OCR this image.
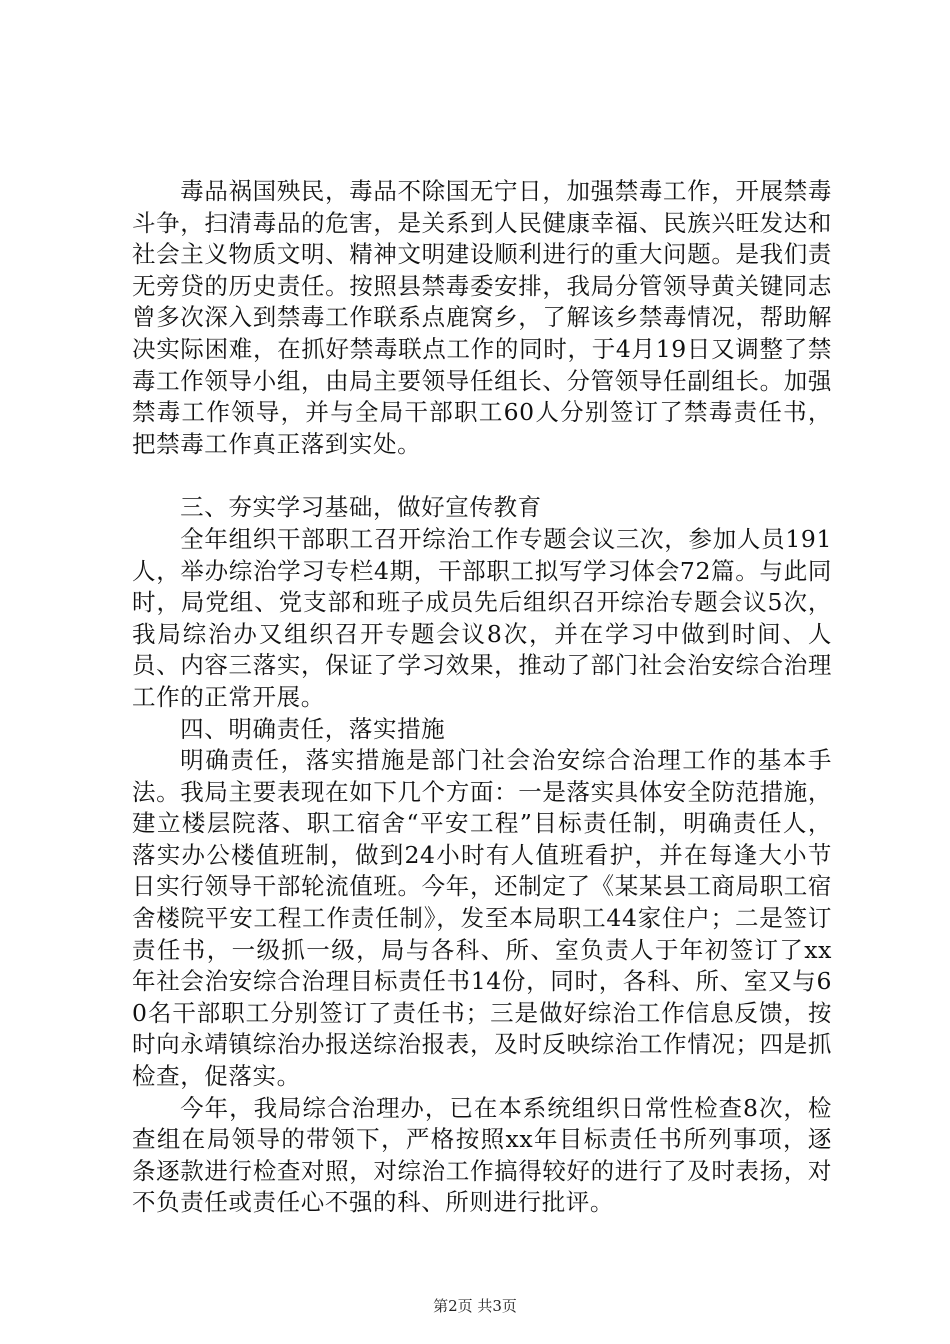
毒品祸国殃民，毒品不除国无宁日，加强禁毒工作，开展禁毒斗争，扫清毒品的危害，是关系到人民健康幸福、民族兴旺发达和社会主义物质文明、精神文明建设顺利进行的重大问题。是我们责无旁贷的历史责任。按照县禁毒委安排，我局分管领导黄关键同志曾多次深入到禁毒工作联系点鹿窝乡，了解该乡禁毒情况，帮助解决实际困难，在抓好禁毒联点工作的同时，于4月19日又调整了禁毒工作领导小组，由局主要领导任组长、分管领导任副组长。加强禁毒工作领导，并与全局干部职工60人分别签订了禁毒责任书，把禁毒工作真正落到实处。

三、夯实学习基础，做好宣传教育

全年组织干部职工召开综治工作专题会议三次，参加人员191人，举办综治学习专栏4期，干部职工拟写学习体会72篇。与此同时，局党组、党支部和班子成员先后组织召开综治专题会议5次，我局综治办又组织召开专题会议8次，并在学习中做到时间、人员、内容三落实，保证了学习效果，推动了部门社会治安综合治理工作的正常开展。

四、明确责任，落实措施

明确责任，落实措施是部门社会治安综合治理工作的基本手法。我局主要表现在如下几个方面：一是落实具体安全防范措施，建立楼层院落、职工宿舍“平安工程”目标责任制，明确责任人，落实办公楼值班制，做到24小时有人值班看护，并在每逢大小节日实行领导干部轮流值班。今年，还制定了《某某县工商局职工宿舍楼院平安工程工作责任制》，发至本局职工44家住户；二是签订责任书，一级抓一级，局与各科、所、室负责人于年初签订了xx年社会治安综合治理目标责任书14份，同时，各科、所、室又与60名干部职工分别签订了责任书；三是做好综治工作信息反馈，按时向永靖镇综治办报送综治报表，及时反映综治工作情况；四是抓检查，促落实。

今年，我局综合治理办，已在本系统组织日常性检查8次，检查组在局领导的带领下，严格按照xx年目标责任书所列事项，逐条逐款进行检查对照，对综治工作搞得较好的进行了及时表扬，对不负责任或责任心不强的科、所则进行批评。

第2页 共3页
